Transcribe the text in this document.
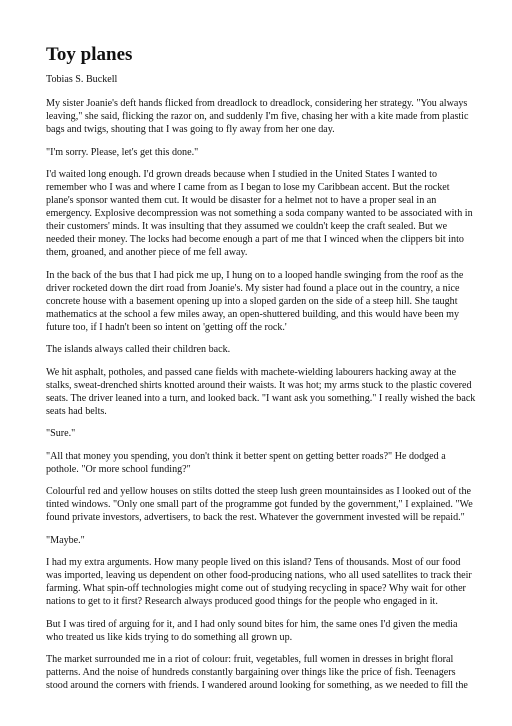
Toy planes
Tobias S. Buckell

My sister Joanie's deft hands flicked from dreadlock to dreadlock, considering her strategy. "You always leaving," she said, flicking the razor on, and suddenly I'm five, chasing her with a kite made from plastic bags and twigs, shouting that I was going to fly away from her one day.

"I'm sorry. Please, let's get this done."

I'd waited long enough. I'd grown dreads because when I studied in the United States I wanted to remember who I was and where I came from as I began to lose my Caribbean accent. But the rocket plane's sponsor wanted them cut. It would be disaster for a helmet not to have a proper seal in an emergency. Explosive decompression was not something a soda company wanted to be associated with in their customers' minds. It was insulting that they assumed we couldn't keep the craft sealed. But we needed their money. The locks had become enough a part of me that I winced when the clippers bit into them, groaned, and another piece of me fell away.

In the back of the bus that I had pick me up, I hung on to a looped handle swinging from the roof as the driver rocketed down the dirt road from Joanie's. My sister had found a place out in the country, a nice concrete house with a basement opening up into a sloped garden on the side of a steep hill. She taught mathematics at the school a few miles away, an open-shuttered building, and this would have been my future too, if I hadn't been so intent on 'getting off the rock.'

The islands always called their children back.

We hit asphalt, potholes, and passed cane fields with machete-wielding labourers hacking away at the stalks, sweat-drenched shirts knotted around their waists. It was hot; my arms stuck to the plastic covered seats. The driver leaned into a turn, and looked back. "I want ask you something." I really wished the back seats had belts.

"Sure."

"All that money you spending, you don't think it better spent on getting better roads?" He dodged a pothole. "Or more school funding?"

Colourful red and yellow houses on stilts dotted the steep lush green mountainsides as I looked out of the tinted windows. "Only one small part of the programme got funded by the government," I explained. "We found private investors, advertisers, to back the rest. Whatever the government invested will be repaid."

"Maybe."

I had my extra arguments. How many people lived on this island? Tens of thousands. Most of our food was imported, leaving us dependent on other food-producing nations, who all used satellites to track their farming. What spin-off technologies might come out of studying recycling in space? Why wait for other nations to get to it first? Research always produced good things for the people who engaged in it.

But I was tired of arguing for it, and I had only sound bites for him, the same ones I'd given the media who treated us like kids trying to do something all grown up.

The market surrounded me in a riot of colour: fruit, vegetables, full women in dresses in bright floral patterns. And the noise of hundreds constantly bargaining over things like the price of fish. Teenagers stood around the corners with friends. I wandered around looking for something, as we needed to fill the
